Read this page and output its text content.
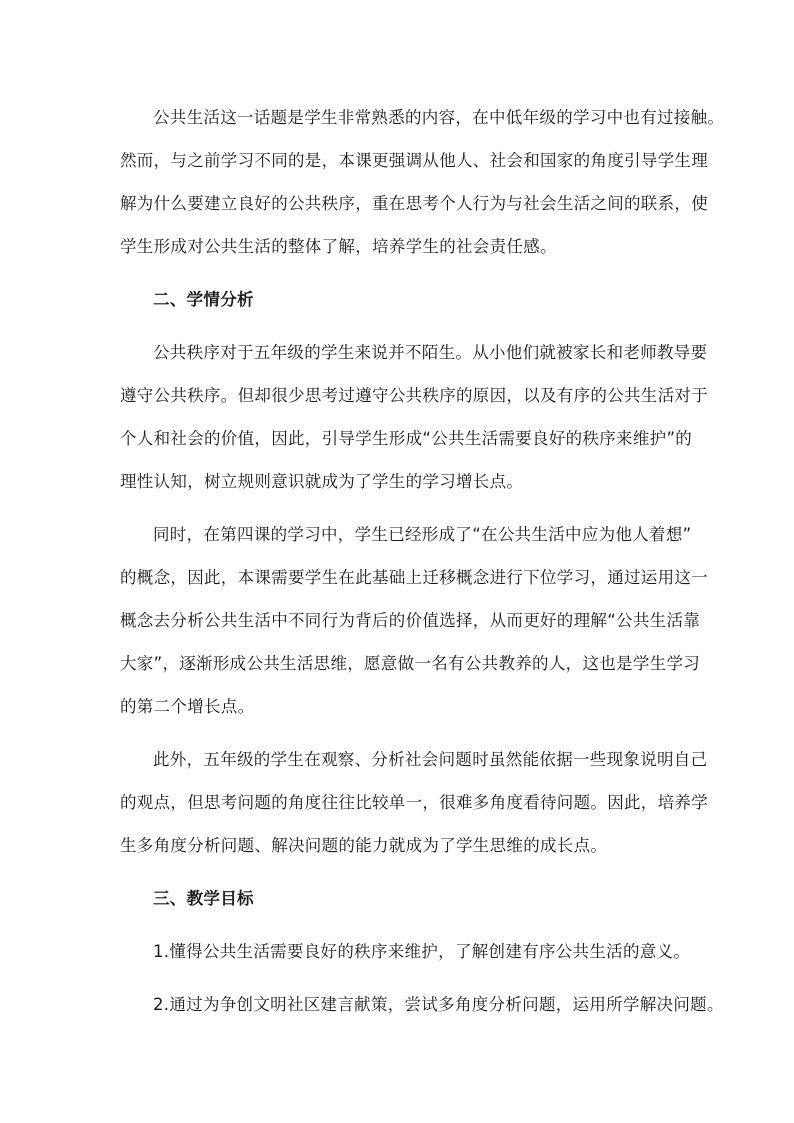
公共生活这一话题是学生非常熟悉的内容，在中低年级的学习中也有过接触。
然而，与之前学习不同的是，本课更强调从他人、社会和国家的角度引导学生理
解为什么要建立良好的公共秩序，重在思考个人行为与社会生活之间的联系，使
学生形成对公共生活的整体了解，培养学生的社会责任感。
二、学情分析
公共秩序对于五年级的学生来说并不陌生。从小他们就被家长和老师教导要
遵守公共秩序。但却很少思考过遵守公共秩序的原因，以及有序的公共生活对于
个人和社会的价值，因此，引导学生形成“公共生活需要良好的秩序来维护”的
理性认知，树立规则意识就成为了学生的学习增长点。
同时，在第四课的学习中，学生已经形成了“在公共生活中应为他人着想”
的概念，因此，本课需要学生在此基础上迁移概念进行下位学习，通过运用这一
概念去分析公共生活中不同行为背后的价值选择，从而更好的理解“公共生活靠
大家”，逐渐形成公共生活思维，愿意做一名有公共教养的人，这也是学生学习
的第二个增长点。
此外，五年级的学生在观察、分析社会问题时虽然能依据一些现象说明自己
的观点，但思考问题的角度往往比较单一，很难多角度看待问题。因此，培养学
生多角度分析问题、解决问题的能力就成为了学生思维的成长点。
三、教学目标
1.懂得公共生活需要良好的秩序来维护，了解创建有序公共生活的意义。
2.通过为争创文明社区建言献策，尝试多角度分析问题，运用所学解决问题。
